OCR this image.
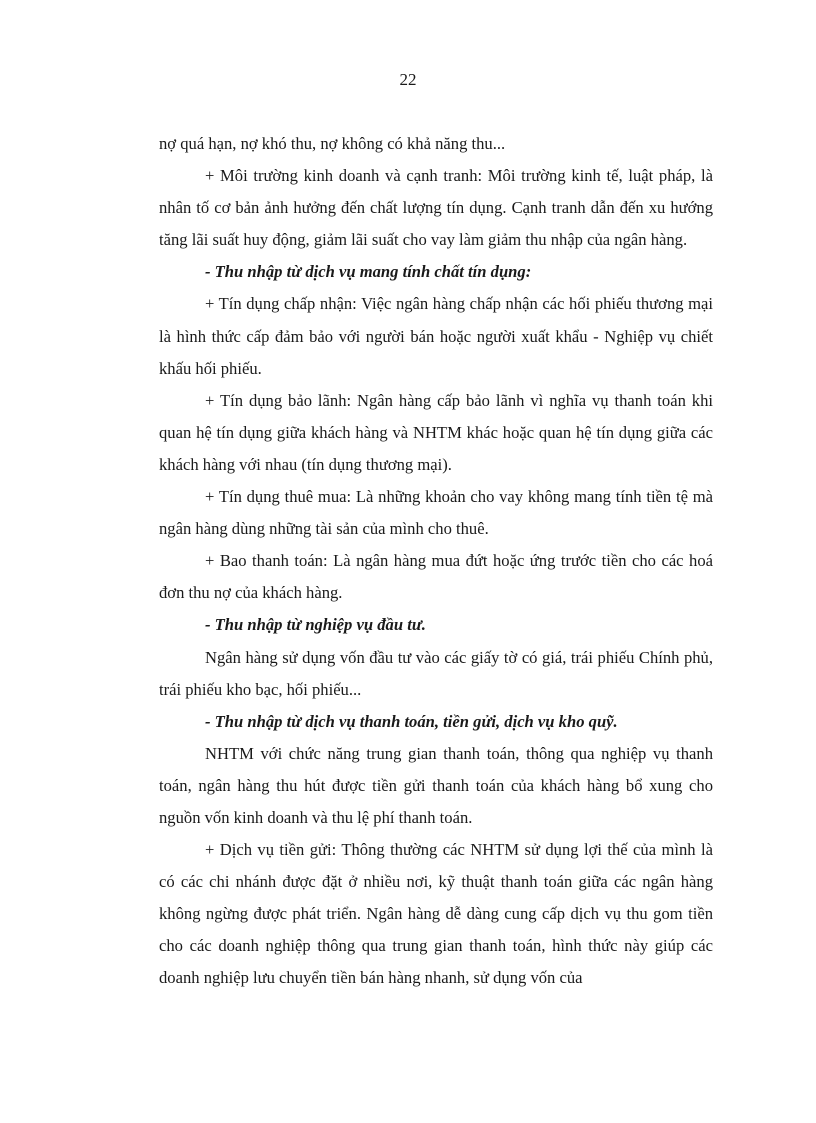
22

nợ quá hạn, nợ khó thu, nợ không có khả năng thu...

+ Môi trường kinh doanh và cạnh tranh: Môi trường kinh tế, luật pháp, là nhân tố cơ bản ảnh hưởng đến chất lượng tín dụng. Cạnh tranh dẫn đến xu hướng tăng lãi suất huy động, giảm lãi suất cho vay làm giảm thu nhập của ngân hàng.

- Thu nhập từ dịch vụ mang tính chất tín dụng:

+ Tín dụng chấp nhận: Việc ngân hàng chấp nhận các hối phiếu thương mại là hình thức cấp đảm bảo với người bán hoặc người xuất khẩu - Nghiệp vụ chiết khấu hối phiếu.

+ Tín dụng bảo lãnh: Ngân hàng cấp bảo lãnh vì nghĩa vụ thanh toán khi quan hệ tín dụng giữa khách hàng và NHTM khác hoặc quan hệ tín dụng giữa các khách hàng với nhau (tín dụng thương mại).

+ Tín dụng thuê mua: Là những khoản cho vay không mang tính tiền tệ mà ngân hàng dùng những tài sản của mình cho thuê.

+ Bao thanh toán: Là ngân hàng mua đứt hoặc ứng trước tiền cho các hoá đơn thu nợ của khách hàng.

- Thu nhập từ nghiệp vụ đầu tư.

Ngân hàng sử dụng vốn đầu tư vào các giấy tờ có giá, trái phiếu Chính phủ, trái phiếu kho bạc, hối phiếu...

- Thu nhập từ dịch vụ thanh toán, tiền gửi, dịch vụ kho quỹ.

NHTM với chức năng trung gian thanh toán, thông qua nghiệp vụ thanh toán, ngân hàng thu hút được tiền gửi thanh toán của khách hàng bổ xung cho nguồn vốn kinh doanh và thu lệ phí thanh toán.

+ Dịch vụ tiền gửi: Thông thường các NHTM sử dụng lợi thế của mình là có các chi nhánh được đặt ở nhiều nơi, kỹ thuật thanh toán giữa các ngân hàng không ngừng được phát triển. Ngân hàng dễ dàng cung cấp dịch vụ thu gom tiền cho các doanh nghiệp thông qua trung gian thanh toán, hình thức này giúp các doanh nghiệp lưu chuyển tiền bán hàng nhanh, sử dụng vốn của
